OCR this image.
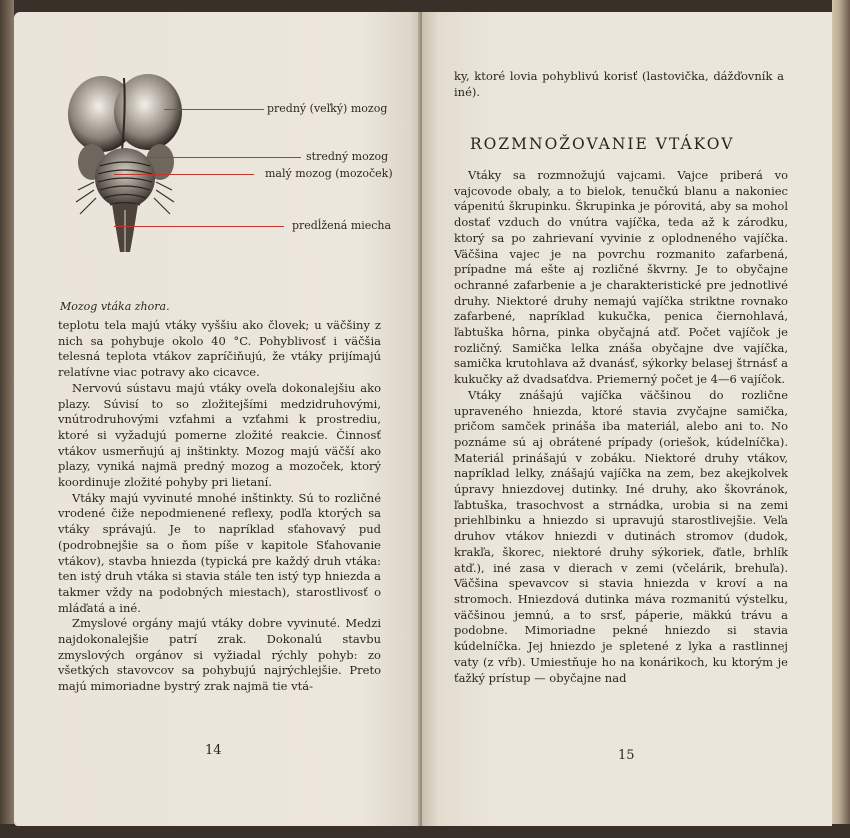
predný (veľký) mozog
stredný mozog
malý mozog (mozoček)
predĺžená miecha
Mozog vtáka zhora.

teplotu tela majú vtáky vyššiu ako človek; u väčšiny z nich sa pohybuje okolo 40 °C. Pohyblivosť i väčšia telesná teplota vtákov zapríčiňujú, že vtáky prijímajú relatívne viac potravy ako cicavce.

Nervovú sústavu majú vtáky oveľa dokonalejšiu ako plazy. Súvisí to so zložitejšími medzidruhovými, vnútrodruhovými vzťahmi a vzťahmi k prostrediu, ktoré si vyžadujú pomerne zložité reakcie. Činnosť vtákov usmerňujú aj inštinkty. Mozog majú väčší ako plazy, vyniká najmä predný mozog a mozoček, ktorý koordinuje zložité pohyby pri lietaní.

Vtáky majú vyvinuté mnohé inštinkty. Sú to rozličné vrodené čiže nepodmienené reflexy, podľa ktorých sa vtáky správajú. Je to napríklad sťahovavý pud (podrobnejšie sa o ňom píše v kapitole Sťahovanie vtákov), stavba hniezda (typická pre každý druh vtáka: ten istý druh vtáka si stavia stále ten istý typ hniezda a takmer vždy na podobných miestach), starostlivosť o mláďatá a iné.

Zmyslové orgány majú vtáky dobre vyvinuté. Medzi najdokonalejšie patrí zrak. Dokonalú stavbu zmyslových orgánov si vyžiadal rýchly pohyb: zo všetkých stavovcov sa pohybujú najrýchlejšie. Preto majú mimoriadne bystrý zrak najmä tie vtá-

14

ky, ktoré lovia pohyblivú korisť (lastovička, dážďovník a iné).

ROZMNOŽOVANIE VTÁKOV

Vtáky sa rozmnožujú vajcami. Vajce priberá vo vajcovode obaly, a to bielok, tenučkú blanu a nakoniec vápenitú škrupinku. Škrupinka je pórovitá, aby sa mohol dostať vzduch do vnútra vajíčka, teda až k zárodku, ktorý sa po zahrievaní vyvinie z oplodneného vajíčka. Väčšina vajec je na povrchu rozmanito zafarbená, prípadne má ešte aj rozličné škvrny. Je to obyčajne ochranné zafarbenie a je charakteristické pre jednotlivé druhy. Niektoré druhy nemajú vajíčka striktne rovnako zafarbené, napríklad kukučka, penica čiernohlavá, ľabtuška hôrna, pinka obyčajná atď. Počet vajíčok je rozličný. Samička lelka znáša obyčajne dve vajíčka, samička krutohlava až dvanásť, sýkorky belasej štrnásť a kukučky až dvadsaťdva. Priemerný počet je 4—6 vajíčok.

Vtáky znášajú vajíčka väčšinou do rozlične upraveného hniezda, ktoré stavia zvyčajne samička, pričom samček prináša iba materiál, alebo ani to. No poznáme sú aj obrátené prípady (oriešok, kúdelníčka). Materiál prinášajú v zobáku. Niektoré druhy vtákov, napríklad lelky, znášajú vajíčka na zem, bez akejkolvek úpravy hniezdovej dutinky. Iné druhy, ako škovránok, ľabtuška, trasochvost a strnádka, urobia si na zemi priehlbinku a hniezdo si upravujú starostlivejšie. Veľa druhov vtákov hniezdi v dutinách stromov (dudok, krakľa, škorec, niektoré druhy sýkoriek, ďatle, brhlík atď.), iné zasa v dierach v zemi (včelárik, brehuľa). Väčšina spevavcov si stavia hniezda v kroví a na stromoch. Hniezdová dutinka máva rozmanitú výstelku, väčšinou jemnú, a to srsť, páperie, mäkkú trávu a podobne. Mimoriadne pekné hniezdo si stavia kúdelníčka. Jej hniezdo je spletené z lyka a rastlinnej vaty (z vŕb). Umiestňuje ho na konárikoch, ku ktorým je ťažký prístup — obyčajne nad

15
